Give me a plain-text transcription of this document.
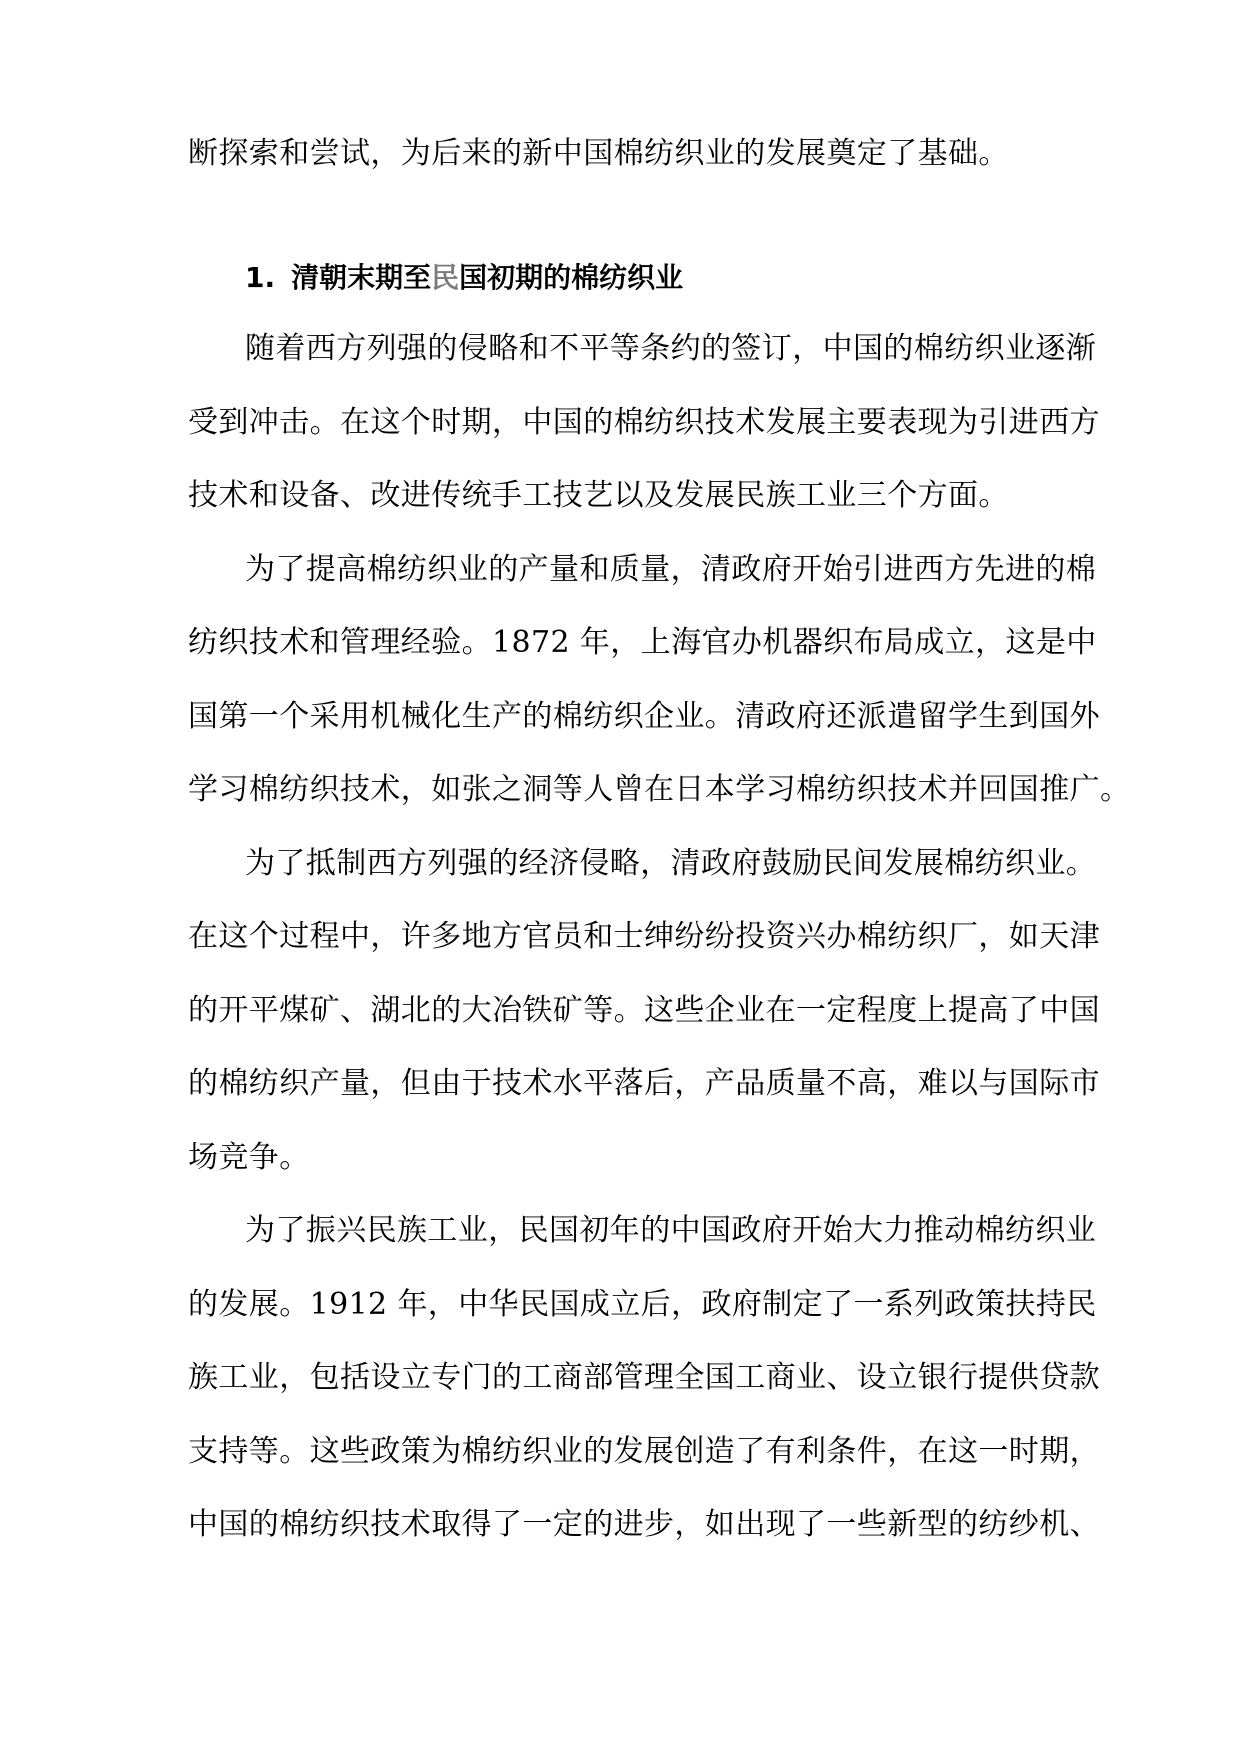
断探索和尝试，为后来的新中国棉纺织业的发展奠定了基础。

1. 清朝末期至民国初期的棉纺织业

随着西方列强的侵略和不平等条约的签订，中国的棉纺织业逐渐

受到冲击。在这个时期，中国的棉纺织技术发展主要表现为引进西方

技术和设备、改进传统手工技艺以及发展民族工业三个方面。

为了提高棉纺织业的产量和质量，清政府开始引进西方先进的棉

纺织技术和管理经验。1872 年，上海官办机器织布局成立，这是中

国第一个采用机械化生产的棉纺织企业。清政府还派遣留学生到国外

学习棉纺织技术，如张之洞等人曾在日本学习棉纺织技术并回国推广。

为了抵制西方列强的经济侵略，清政府鼓励民间发展棉纺织业。

在这个过程中，许多地方官员和士绅纷纷投资兴办棉纺织厂，如天津

的开平煤矿、湖北的大冶铁矿等。这些企业在一定程度上提高了中国

的棉纺织产量，但由于技术水平落后，产品质量不高，难以与国际市

场竞争。

为了振兴民族工业，民国初年的中国政府开始大力推动棉纺织业

的发展。1912 年，中华民国成立后，政府制定了一系列政策扶持民

族工业，包括设立专门的工商部管理全国工商业、设立银行提供贷款

支持等。这些政策为棉纺织业的发展创造了有利条件，在这一时期，

中国的棉纺织技术取得了一定的进步，如出现了一些新型的纺纱机、
